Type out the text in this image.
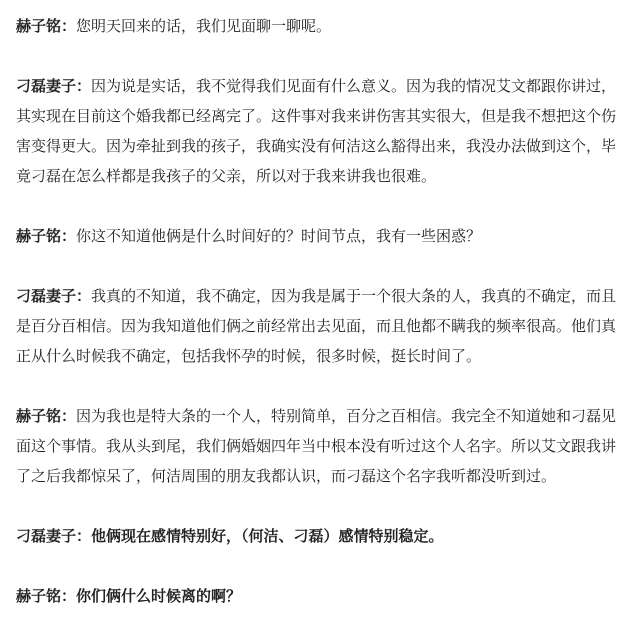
赫子铭：您明天回来的话，我们见面聊一聊呢。

刁磊妻子：因为说是实话，我不觉得我们见面有什么意义。因为我的情况艾文都跟你讲过，其实现在目前这个婚我都已经离完了。这件事对我来讲伤害其实很大，但是我不想把这个伤害变得更大。因为牵扯到我的孩子，我确实没有何洁这么豁得出来，我没办法做到这个，毕竟刁磊在怎么样都是我孩子的父亲，所以对于我来讲我也很难。

赫子铭：你这不知道他俩是什么时间好的？时间节点，我有一些困惑？

刁磊妻子：我真的不知道，我不确定，因为我是属于一个很大条的人，我真的不确定，而且是百分百相信。因为我知道他们俩之前经常出去见面，而且他都不瞒我的频率很高。他们真正从什么时候我不确定，包括我怀孕的时候，很多时候，挺长时间了。

赫子铭：因为我也是特大条的一个人，特别简单，百分之百相信。我完全不知道她和刁磊见面这个事情。我从头到尾，我们俩婚姻四年当中根本没有听过这个人名字。所以艾文跟我讲了之后我都惊呆了，何洁周围的朋友我都认识，而刁磊这个名字我听都没听到过。

刁磊妻子：他俩现在感情特别好，（何洁、刁磊）感情特别稳定。

赫子铭：你们俩什么时候离的啊？
